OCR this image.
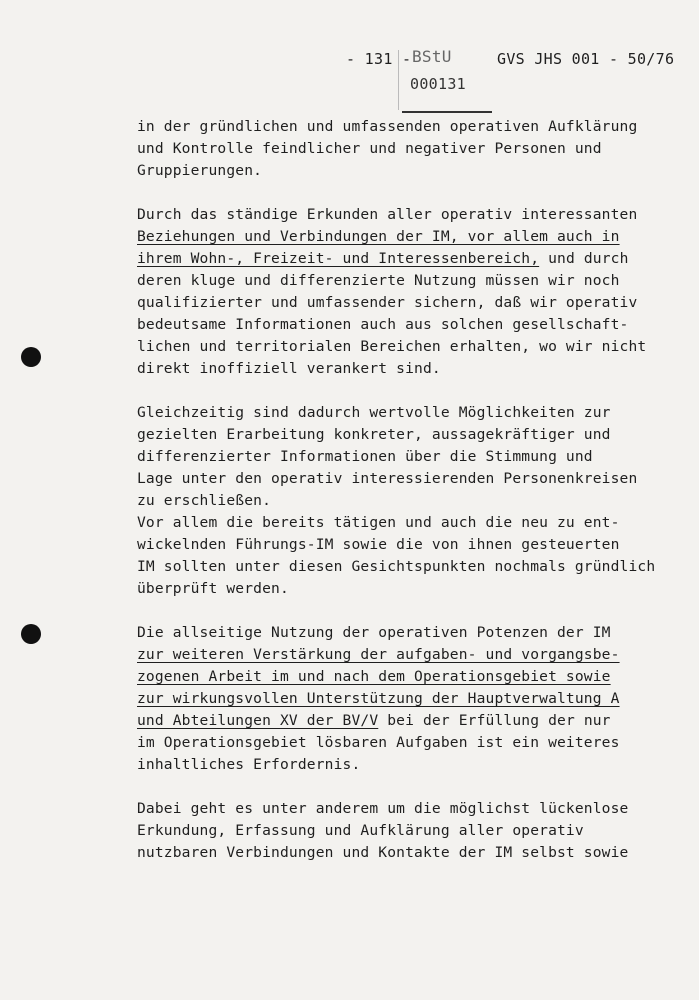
- 131 - BStU
000131
GVS JHS 001 - 50/76
in der gründlichen und umfassenden operativen Aufklärung
und Kontrolle feindlicher und negativer Personen und
Gruppierungen.
Durch das ständige Erkunden aller operativ interessanten
Beziehungen und Verbindungen der IM, vor allem auch in
ihrem Wohn-, Freizeit- und Interessenbereich, und durch
deren kluge und differenzierte Nutzung müssen wir noch
qualifizierter und umfassender sichern, daß wir operativ
bedeutsame Informationen auch aus solchen gesellschaft-
lichen und territorialen Bereichen erhalten, wo wir nicht
direkt inoffiziell verankert sind.
Gleichzeitig sind dadurch wertvolle Möglichkeiten zur
gezielten Erarbeitung konkreter, aussagekräftiger und
differenzierter Informationen über die Stimmung und
Lage unter den operativ interessierenden Personenkreisen
zu erschließen.
Vor allem die bereits tätigen und auch die neu zu ent-
wickelnden Führungs-IM sowie die von ihnen gesteuerten
IM sollten unter diesen Gesichtspunkten nochmals gründlich
überprüft werden.
Die allseitige Nutzung der operativen Potenzen der IM
zur weiteren Verstärkung der aufgaben- und vorgangsbe-
zogenen Arbeit im und nach dem Operationsgebiet sowie
zur wirkungsvollen Unterstützung der Hauptverwaltung A
und Abteilungen XV der BV/V bei der Erfüllung der nur
im Operationsgebiet lösbaren Aufgaben ist ein weiteres
inhaltliches Erfordernis.
Dabei geht es unter anderem um die möglichst lückenlose
Erkundung, Erfassung und Aufklärung aller operativ
nutzbaren Verbindungen und Kontakte der IM selbst sowie
